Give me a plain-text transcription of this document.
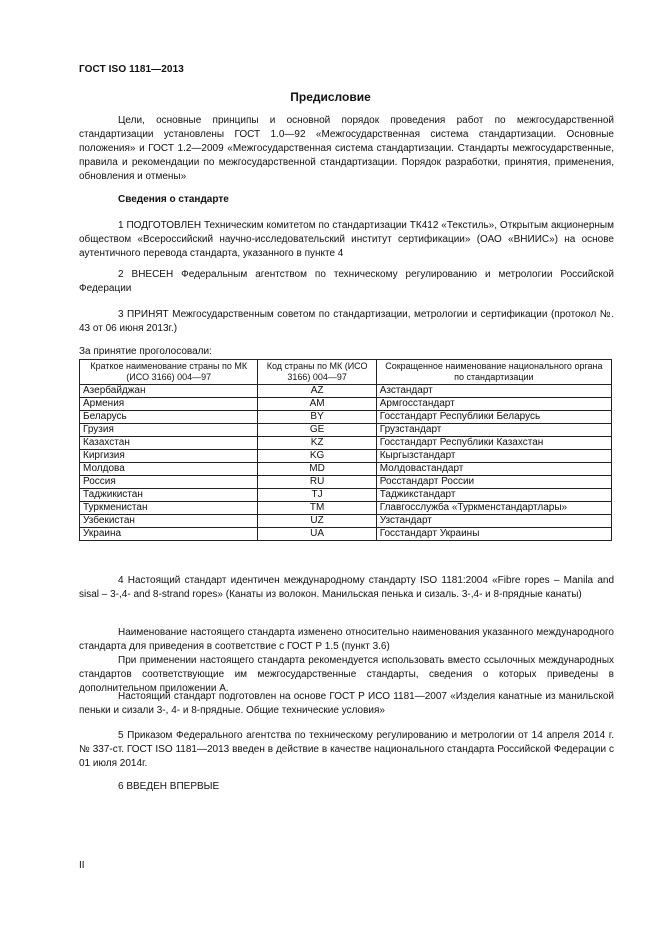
ГОСТ ISO 1181—2013
Предисловие

Цели, основные принципы и основной порядок проведения работ по межгосударственной стандартизации установлены ГОСТ 1.0—92 «Межгосударственная система стандартизации. Основные положения» и ГОСТ 1.2—2009 «Межгосударственная система стандартизации. Стандарты межгосударственные, правила и рекомендации по межгосударственной стандартизации. Порядок разработки, принятия, применения, обновления и отмены»

Сведения о стандарте

1 ПОДГОТОВЛЕН Техническим комитетом по стандартизации ТК412 «Текстиль», Открытым акционерным обществом «Всероссийский научно-исследовательский институт сертификации» (ОАО «ВНИИС») на основе аутентичного перевода стандарта, указанного в пункте 4

2 ВНЕСЕН Федеральным агентством по техническому регулированию и метрологии Российской Федерации

3 ПРИНЯТ Межгосударственным советом по стандартизации, метрологии и сертификации (протокол №. 43 от 06 июня 2013г.)

За принятие проголосовали:
Краткое наименование страны по МК (ИСО 3166) 004—97	Код страны по МК (ИСО 3166) 004—97	Сокращенное наименование национального органа по стандартизации
Азербайджан	AZ	Азстандарт
Армения	AM	Армгосстандарт
Беларусь	BY	Госстандарт Республики Беларусь
Грузия	GE	Грузстандарт
Казахстан	KZ	Госстандарт Республики Казахстан
Киргизия	KG	Кыргызстандарт
Молдова	MD	Молдовастандарт
Россия	RU	Росстандарт России
Таджикистан	TJ	Таджикстандарт
Туркменистан	TM	Главгосслужба «Туркменстандартлары»
Узбекистан	UZ	Узстандарт
Украина	UA	Госстандарт Украины

4 Настоящий стандарт идентичен международному стандарту ISO 1181:2004 «Fibre ropes – Manila and sisal – 3-,4- and 8-strand ropes» (Канаты из волокон. Манильская пенька и сизаль. 3-,4- и 8-прядные канаты)

Наименование настоящего стандарта изменено относительно наименования указанного международного стандарта для приведения в соответствие с ГОСТ Р 1.5 (пункт 3.6)

При применении настоящего стандарта рекомендуется использовать вместо ссылочных международных стандартов соответствующие им межгосударственные стандарты, сведения о которых приведены в дополнительном приложении А.

Настоящий стандарт подготовлен на основе ГОСТ Р ИСО 1181—2007 «Изделия канатные из манильской пеньки и сизали 3-, 4- и 8-прядные. Общие технические условия»

5 Приказом Федерального агентства по техническому регулированию и метрологии от 14 апреля 2014 г. № 337-ст. ГОСТ ISO 1181—2013 введен в действие в качестве национального стандарта Российской Федерации с 01 июля 2014г.

6 ВВЕДЕН ВПЕРВЫЕ

II
